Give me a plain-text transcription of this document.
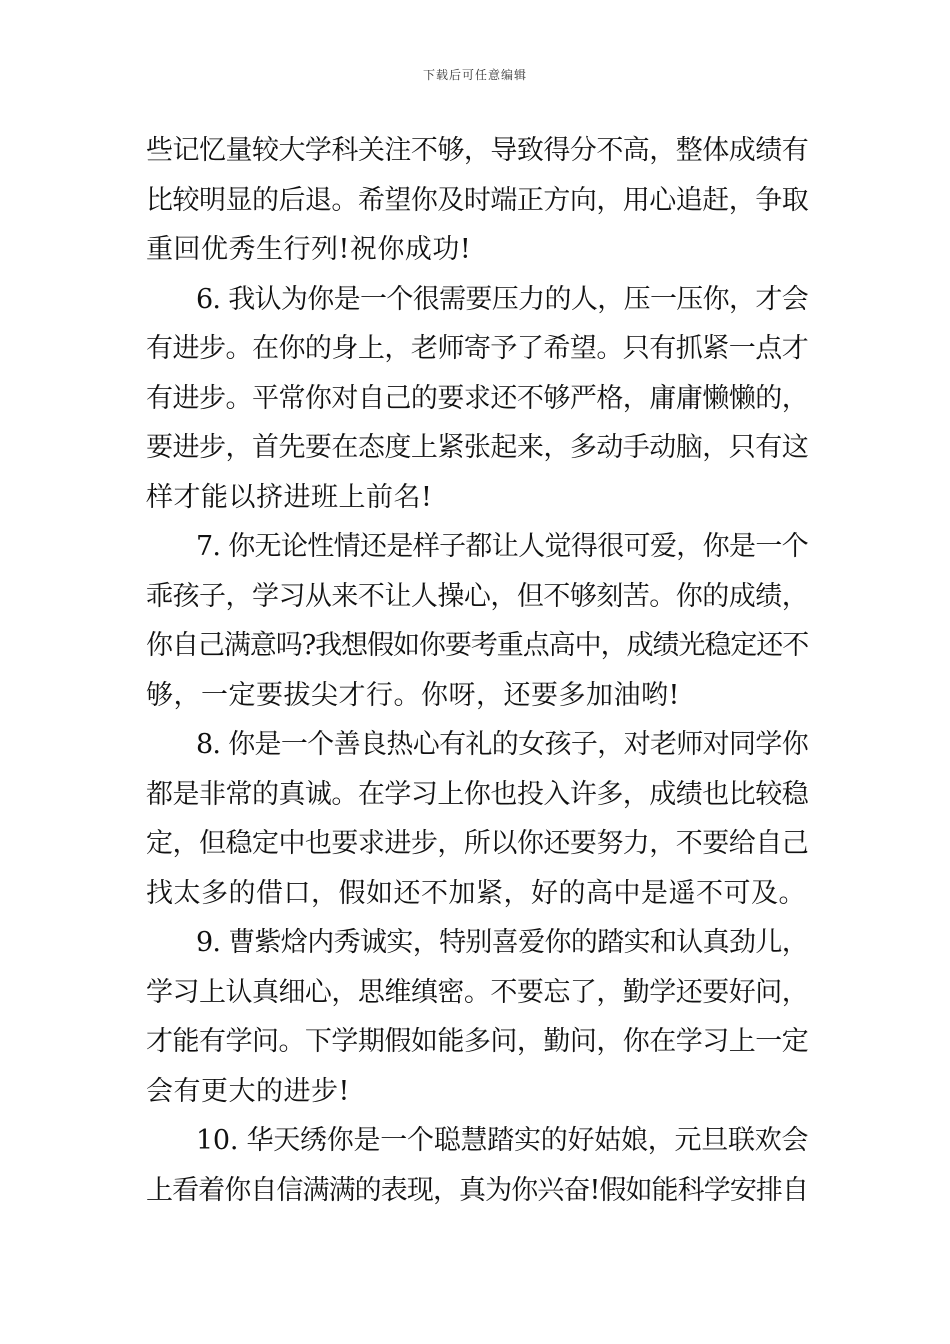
下载后可任意编辑
些记忆量较大学科关注不够，导致得分不高，整体成绩有
比较明显的后退。希望你及时端正方向，用心追赶，争取
重回优秀生行列!祝你成功!
6. 我认为你是一个很需要压力的人，压一压你，才会
有进步。在你的身上，老师寄予了希望。只有抓紧一点才
有进步。平常你对自己的要求还不够严格，庸庸懒懒的，
要进步，首先要在态度上紧张起来，多动手动脑，只有这
样才能以挤进班上前名!
7. 你无论性情还是样子都让人觉得很可爱，你是一个
乖孩子，学习从来不让人操心，但不够刻苦。你的成绩，
你自己满意吗?我想假如你要考重点高中，成绩光稳定还不
够，一定要拔尖才行。你呀，还要多加油哟!
8. 你是一个善良热心有礼的女孩子，对老师对同学你
都是非常的真诚。在学习上你也投入许多，成绩也比较稳
定，但稳定中也要求进步，所以你还要努力，不要给自己
找太多的借口，假如还不加紧，好的高中是遥不可及。
9. 曹紫焓内秀诚实，特别喜爱你的踏实和认真劲儿，
学习上认真细心，思维缜密。不要忘了，勤学还要好问，
才能有学问。下学期假如能多问，勤问，你在学习上一定
会有更大的进步!
10. 华天绣你是一个聪慧踏实的好姑娘，元旦联欢会
上看着你自信满满的表现，真为你兴奋!假如能科学安排自
